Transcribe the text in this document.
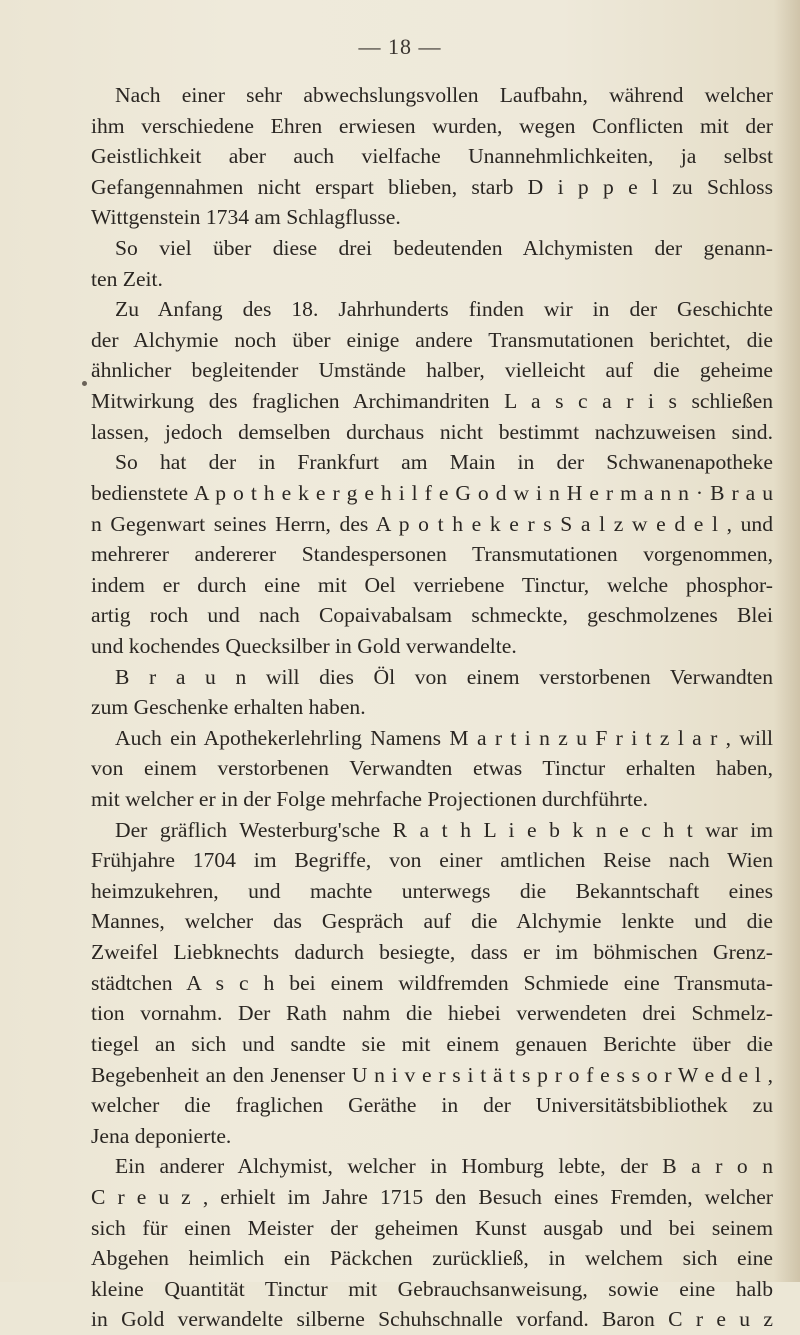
— 18 —
Nach einer sehr abwechslungsvollen Laufbahn, während welcher
ihm verschiedene Ehren erwiesen wurden, wegen Conflicten mit der
Geistlichkeit aber auch vielfache Unannehmlichkeiten, ja selbst
Gefangennahmen nicht erspart blieben, starb D i p p e l zu Schloss
Wittgenstein 1734 am Schlagflusse.
So viel über diese drei bedeutenden Alchymisten der genann-
ten Zeit.
Zu Anfang des 18. Jahrhunderts finden wir in der Geschichte
der Alchymie noch über einige andere Transmutationen berichtet, die
ähnlicher begleitender Umstände halber, vielleicht auf die geheime
Mitwirkung des fraglichen Archimandriten L a s c a r i s schließen
lassen, jedoch demselben durchaus nicht bestimmt nachzuweisen sind.
So hat der in Frankfurt am Main in der Schwanenapotheke
bedienstete A p o t h e k e r g e h i l f e G o d w i n H e r m a n n · B r a u
n Gegenwart seines Herrn, des A p o t h e k e r s S a l z w e d e l , und
mehrerer andererer Standespersonen Transmutationen vorgenommen,
indem er durch eine mit Oel verriebene Tinctur, welche phosphor-
artig roch und nach Copaivabalsam schmeckte, geschmolzenes Blei
und kochendes Quecksilber in Gold verwandelte.
B r a u n will dies Öl von einem verstorbenen Verwandten
zum Geschenke erhalten haben.
Auch ein Apothekerlehrling Namens M a r t i n z u F r i t z l a r , will
von einem verstorbenen Verwandten etwas Tinctur erhalten haben,
mit welcher er in der Folge mehrfache Projectionen durchführte.
Der gräflich Westerburg'sche R a t h L i e b k n e c h t war im
Frühjahre 1704 im Begriffe, von einer amtlichen Reise nach Wien
heimzukehren, und machte unterwegs die Bekanntschaft eines
Mannes, welcher das Gespräch auf die Alchymie lenkte und die
Zweifel Liebknechts dadurch besiegte, dass er im böhmischen Grenz-
städtchen A s c h bei einem wildfremden Schmiede eine Transmuta-
tion vornahm. Der Rath nahm die hiebei verwendeten drei Schmelz-
tiegel an sich und sandte sie mit einem genauen Berichte über die
Begebenheit an den Jenenser U n i v e r s i t ä t s p r o f e s s o r W e d e l ,
welcher die fraglichen Geräthe in der Universitätsbibliothek zu
Jena deponierte.
Ein anderer Alchymist, welcher in Homburg lebte, der B a r o n
C r e u z , erhielt im Jahre 1715 den Besuch eines Fremden, welcher
sich für einen Meister der geheimen Kunst ausgab und bei seinem
Abgehen heimlich ein Päckchen zurückließ, in welchem sich eine
kleine Quantität Tinctur mit Gebrauchsanweisung, sowie eine halb
in Gold verwandelte silberne Schuhschnalle vorfand. Baron C r e u z
